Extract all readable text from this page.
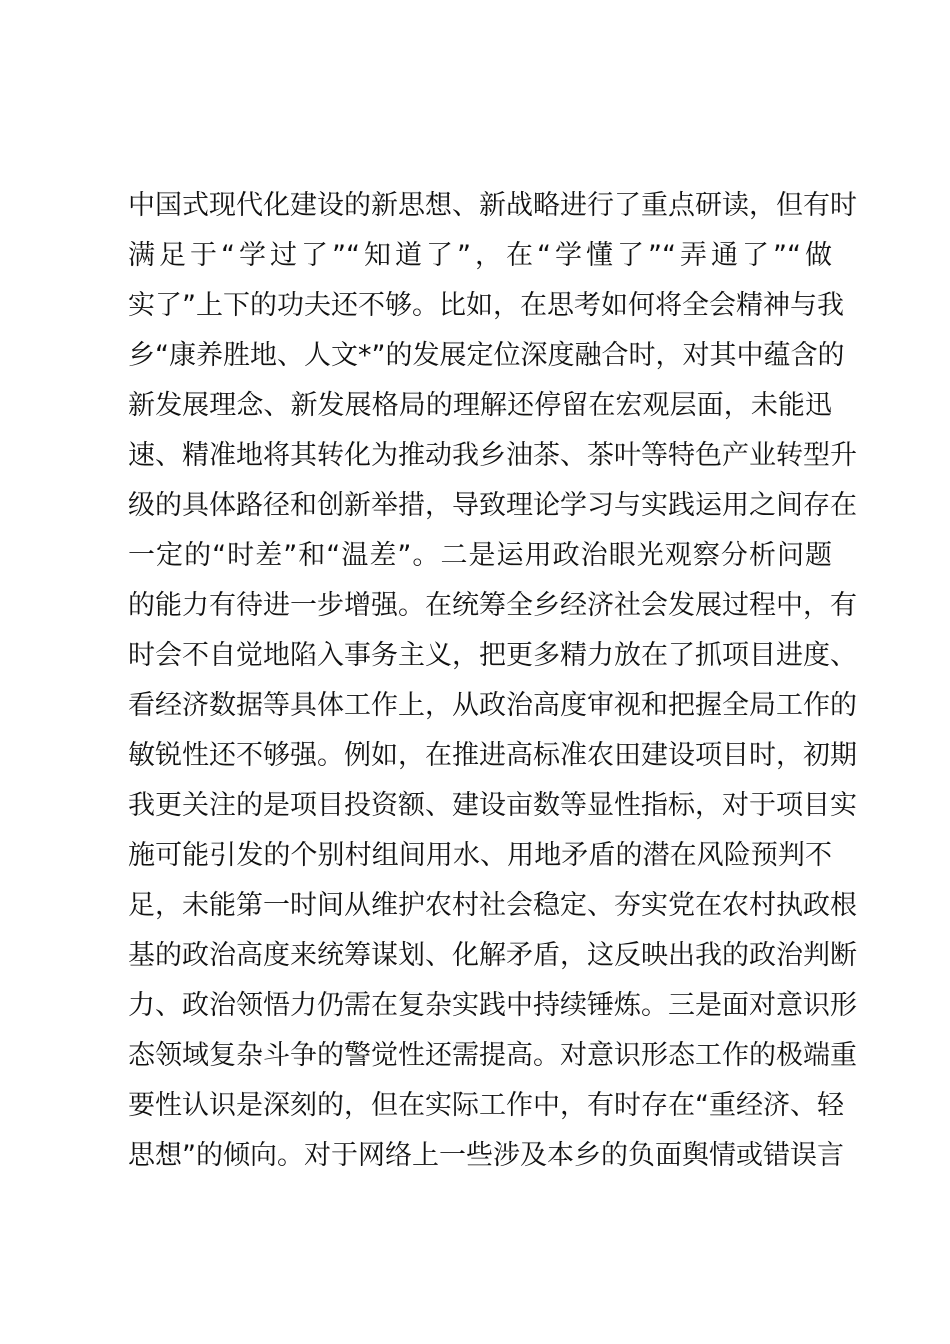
中国式现代化建设的新思想、新战略进行了重点研读，但有时
满足于“学过了”“知道了”，在“学懂了”“弄通了”“做
实了”上下的功夫还不够。比如，在思考如何将全会精神与我
乡“康养胜地、人文*”的发展定位深度融合时，对其中蕴含的
新发展理念、新发展格局的理解还停留在宏观层面，未能迅
速、精准地将其转化为推动我乡油茶、茶叶等特色产业转型升
级的具体路径和创新举措，导致理论学习与实践运用之间存在
一定的“时差”和“温差”。二是运用政治眼光观察分析问题
的能力有待进一步增强。在统筹全乡经济社会发展过程中，有
时会不自觉地陷入事务主义，把更多精力放在了抓项目进度、
看经济数据等具体工作上，从政治高度审视和把握全局工作的
敏锐性还不够强。例如，在推进高标准农田建设项目时，初期
我更关注的是项目投资额、建设亩数等显性指标，对于项目实
施可能引发的个别村组间用水、用地矛盾的潜在风险预判不
足，未能第一时间从维护农村社会稳定、夯实党在农村执政根
基的政治高度来统筹谋划、化解矛盾，这反映出我的政治判断
力、政治领悟力仍需在复杂实践中持续锤炼。三是面对意识形
态领域复杂斗争的警觉性还需提高。对意识形态工作的极端重
要性认识是深刻的，但在实际工作中，有时存在“重经济、轻
思想”的倾向。对于网络上一些涉及本乡的负面舆情或错误言
